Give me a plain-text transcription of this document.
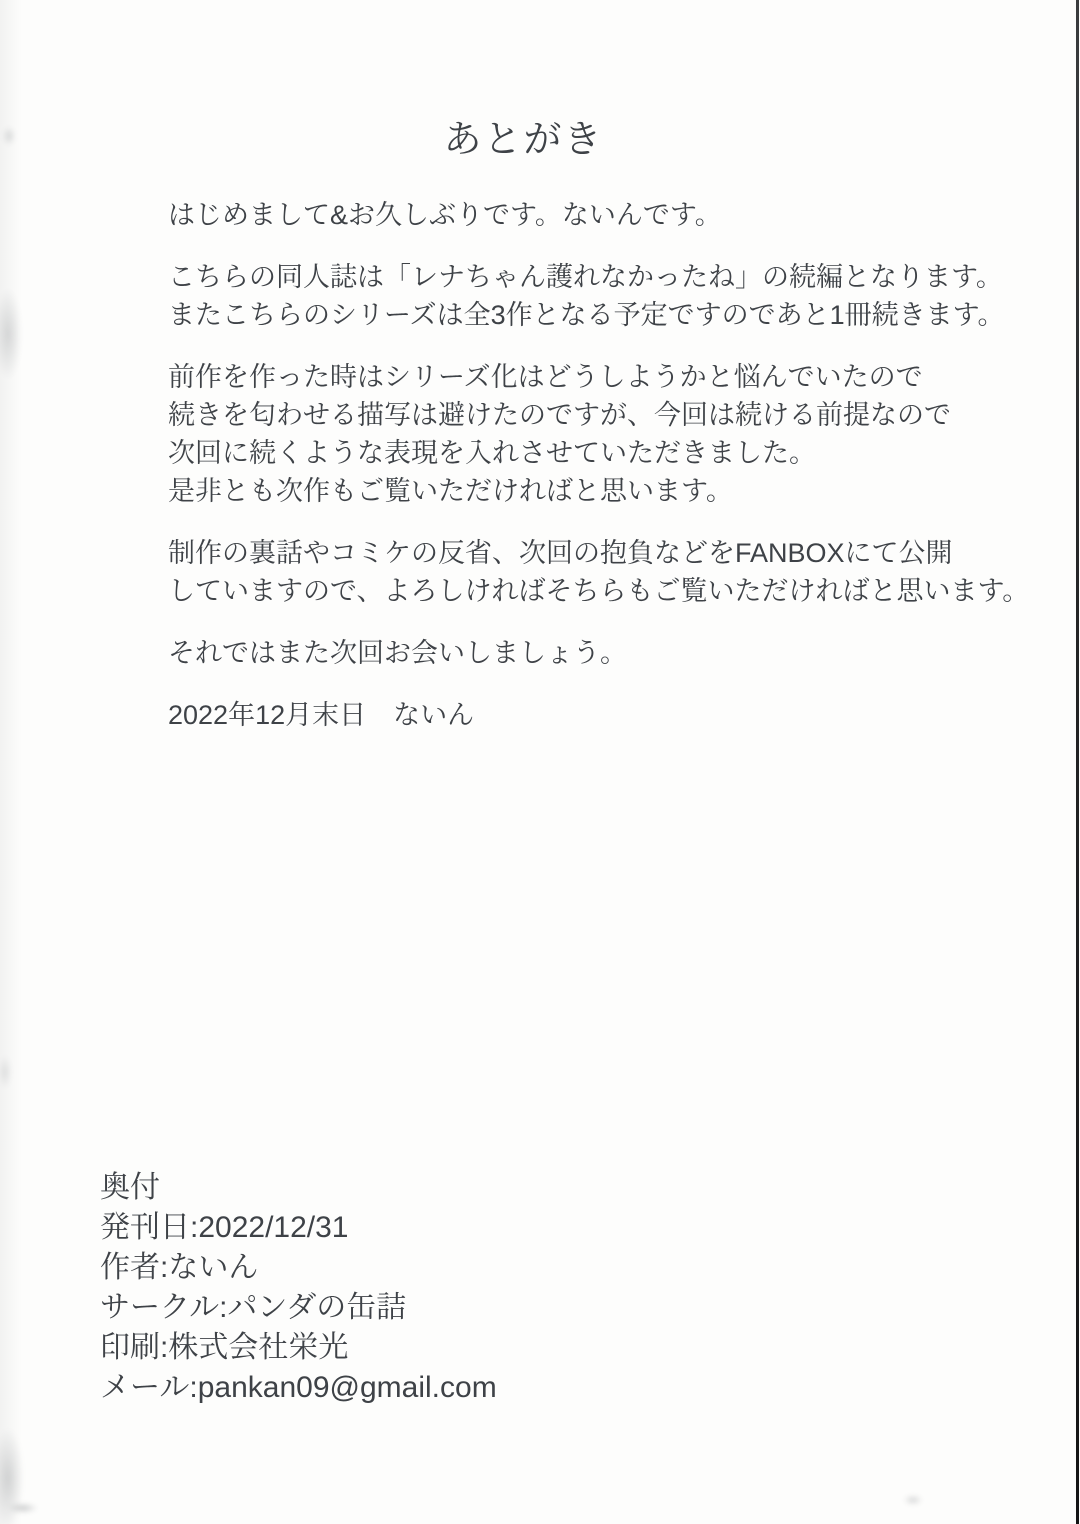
あとがき

はじめまして&お久しぶりです。ないんです。

こちらの同人誌は「レナちゃん護れなかったね」の続編となります。
またこちらのシリーズは全3作となる予定ですのであと1冊続きます。

前作を作った時はシリーズ化はどうしようかと悩んでいたので
続きを匂わせる描写は避けたのですが、今回は続ける前提なので
次回に続くような表現を入れさせていただきました。
是非とも次作もご覧いただければと思います。

制作の裏話やコミケの反省、次回の抱負などをFANBOXにて公開
していますので、よろしければそちらもご覧いただければと思います。

それではまた次回お会いしましょう。

2022年12月末日　ないん

奥付
発刊日:2022/12/31
作者:ないん
サークル:パンダの缶詰
印刷:株式会社栄光
メール:pankan09@gmail.com
